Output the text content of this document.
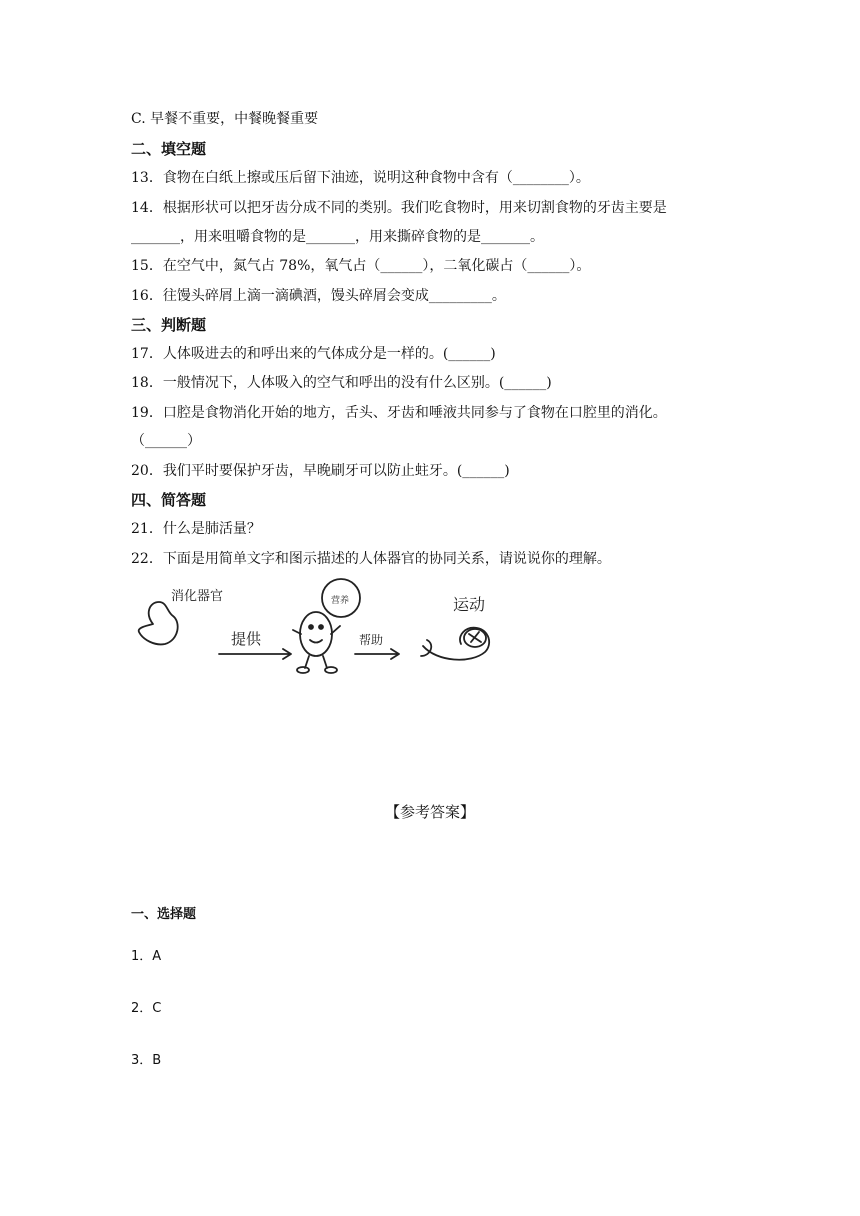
C. 早餐不重要，中餐晚餐重要
二、填空题
13．食物在白纸上擦或压后留下油迹，说明这种食物中含有（________）。
14．根据形状可以把牙齿分成不同的类别。我们吃食物时，用来切割食物的牙齿主要是
_______，用来咀嚼食物的是_______，用来撕碎食物的是_______。
15．在空气中，氮气占 78%，氧气占（______），二氧化碳占（______）。
16．往馒头碎屑上滴一滴碘酒，馒头碎屑会变成_________。
三、判断题
17．人体吸进去的和呼出来的气体成分是一样的。(______)
18．一般情况下，人体吸入的空气和呼出的没有什么区别。(______)
19．口腔是食物消化开始的地方，舌头、牙齿和唾液共同参与了食物在口腔里的消化。
（______）
20．我们平时要保护牙齿，早晚刷牙可以防止蛀牙。(______)
四、简答题
21．什么是肺活量？
22．下面是用简单文字和图示描述的人体器官的协同关系，请说说你的理解。
消化器官
提供
营养
帮助
运动
【参考答案】
一、选择题
1．A
2．C
3．B
